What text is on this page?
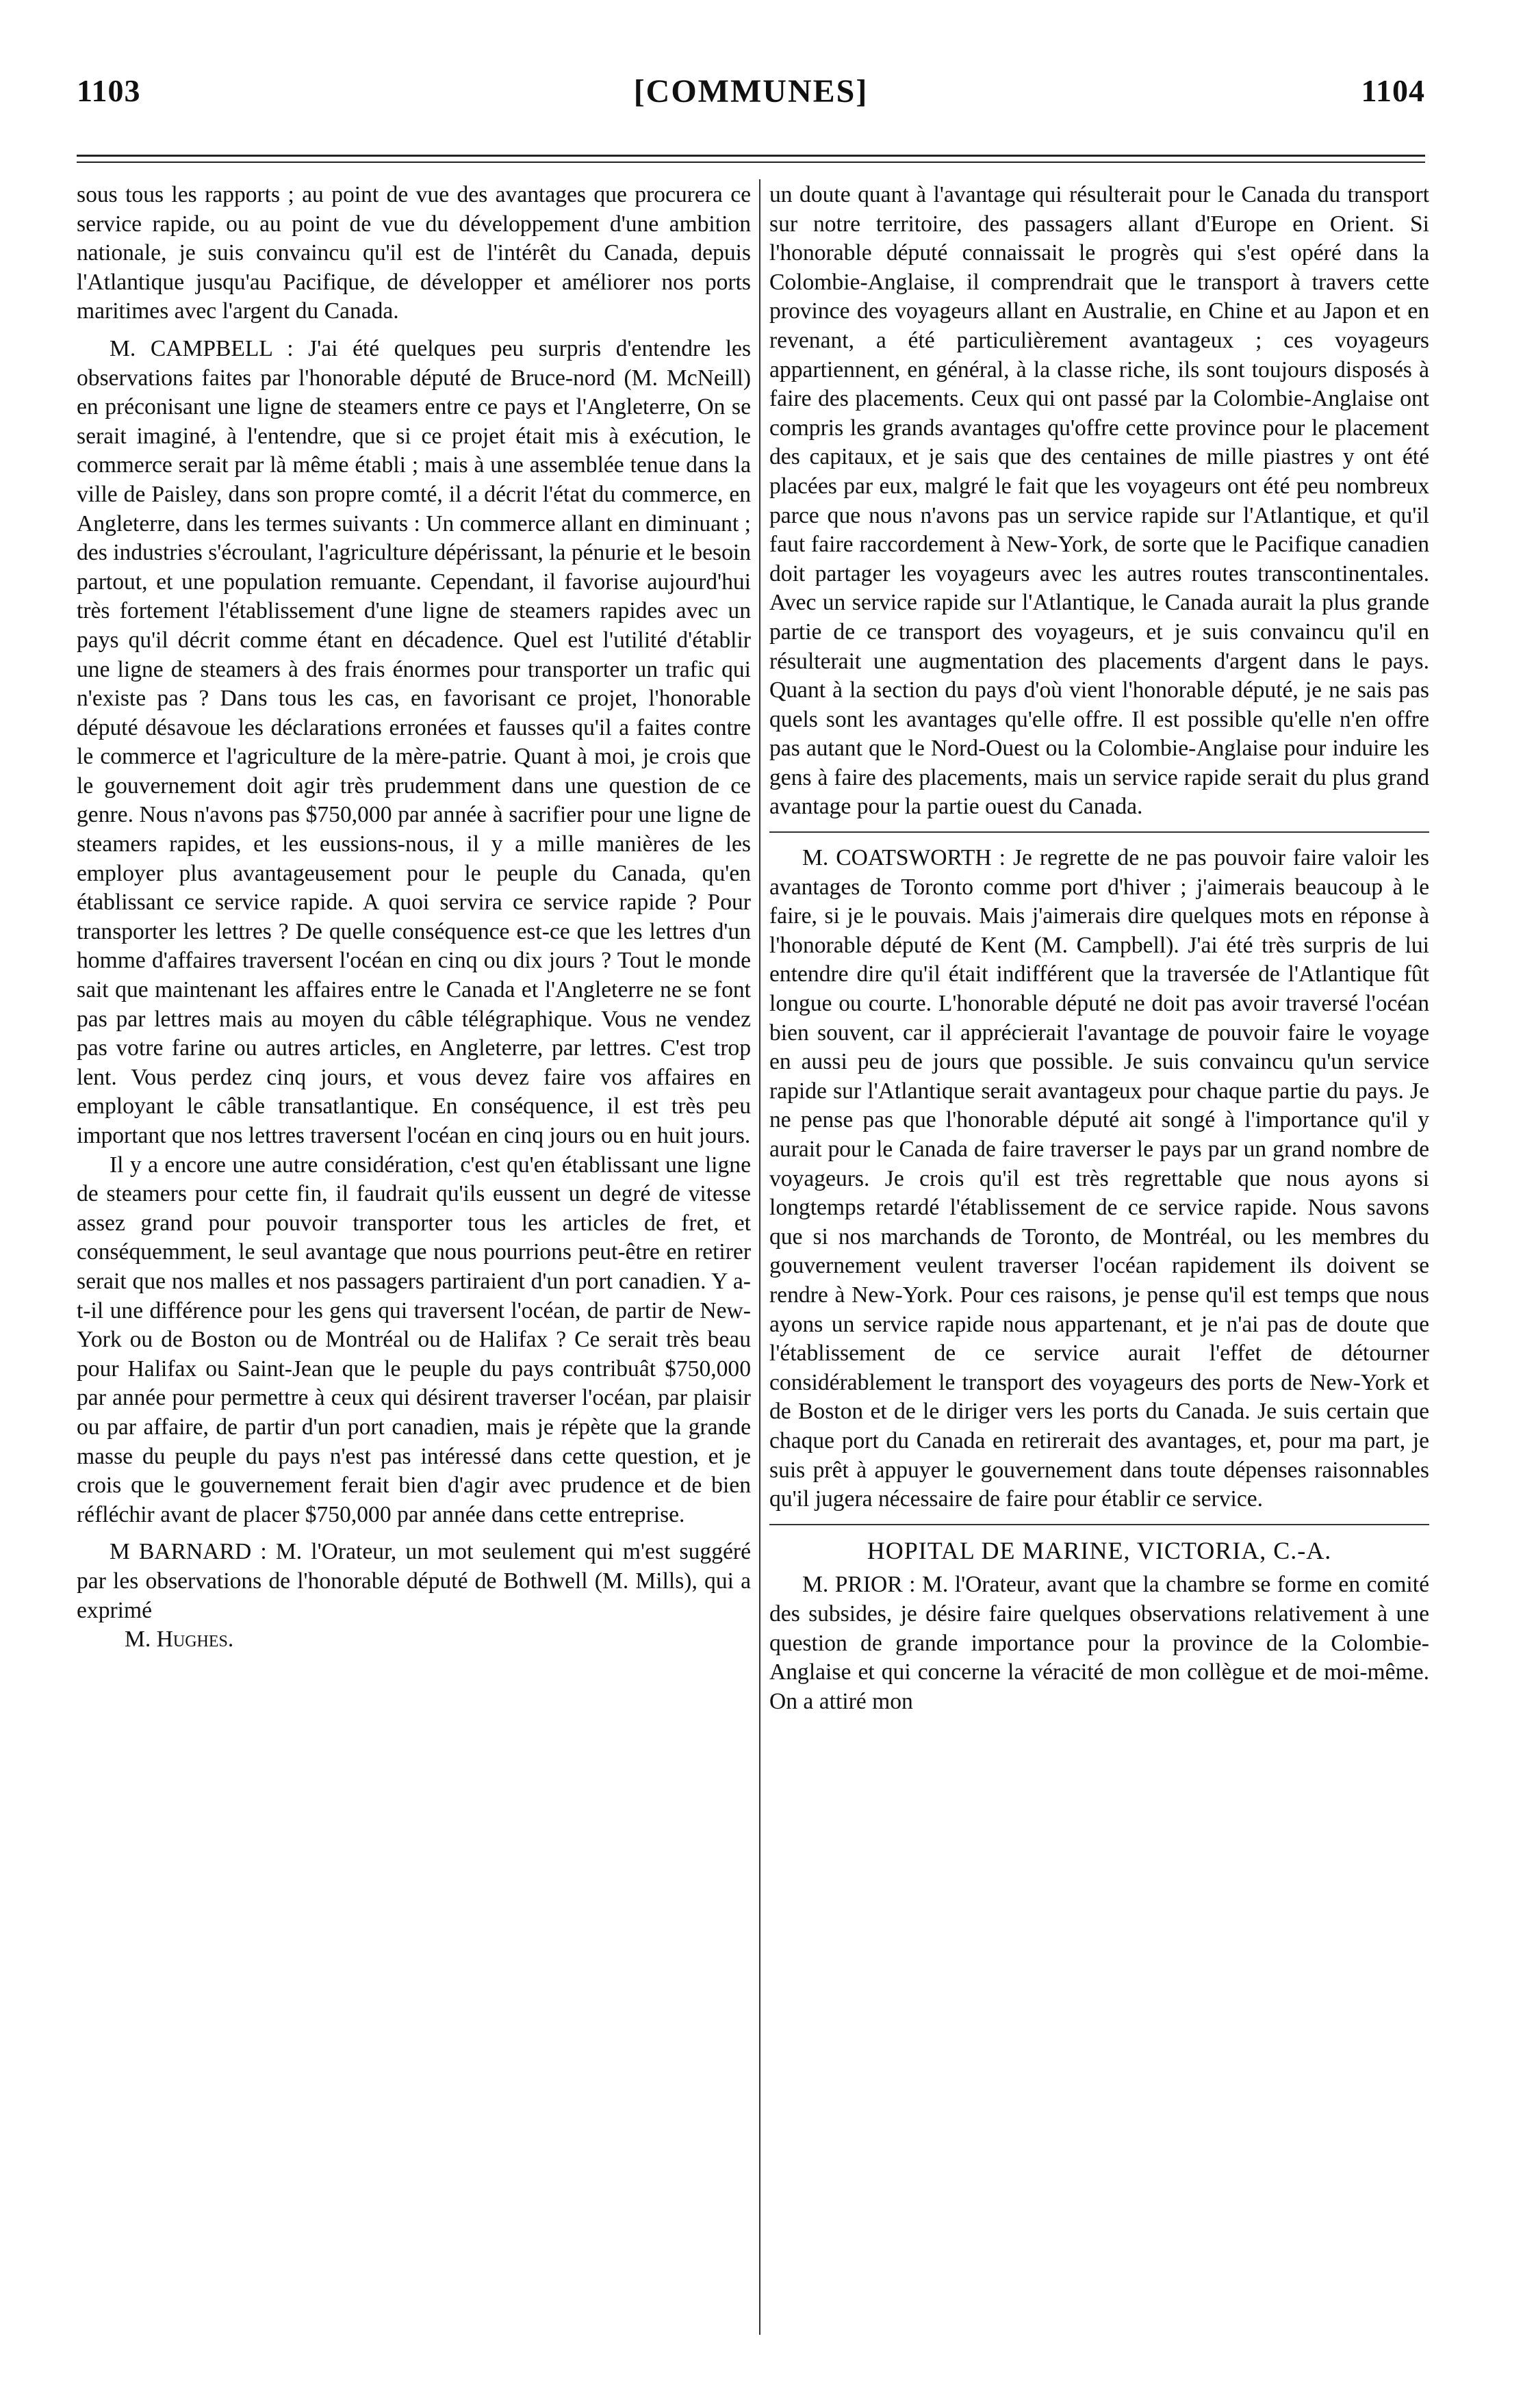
1103	[COMMUNES]	1104

sous tous les rapports ; au point de vue des avantages que procurera ce service rapide, ou au point de vue du développement d'une ambition nationale, je suis convaincu qu'il est de l'intérêt du Canada, depuis l'Atlantique jusqu'au Pacifique, de développer et améliorer nos ports maritimes avec l'argent du Canada.

M. CAMPBELL : J'ai été quelques peu surpris d'entendre les observations faites par l'honorable député de Bruce-nord (M. McNeill) en préconisant une ligne de steamers entre ce pays et l'Angleterre, On se serait imaginé, à l'entendre, que si ce projet était mis à exécution, le commerce serait par là même établi ; mais à une assemblée tenue dans la ville de Paisley, dans son propre comté, il a décrit l'état du commerce, en Angleterre, dans les termes suivants : Un commerce allant en diminuant ; des industries s'écroulant, l'agriculture dépérissant, la pénurie et le besoin partout, et une population remuante. Cependant, il favorise aujourd'hui très fortement l'établissement d'une ligne de steamers rapides avec un pays qu'il décrit comme étant en décadence. Quel est l'utilité d'établir une ligne de steamers à des frais énormes pour transporter un trafic qui n'existe pas ? Dans tous les cas, en favorisant ce projet, l'honorable député désavoue les déclarations erronées et fausses qu'il a faites contre le commerce et l'agriculture de la mère-patrie. Quant à moi, je crois que le gouvernement doit agir très prudemment dans une question de ce genre. Nous n'avons pas $750,000 par année à sacrifier pour une ligne de steamers rapides, et les eussions-nous, il y a mille manières de les employer plus avantageusement pour le peuple du Canada, qu'en établissant ce service rapide. A quoi servira ce service rapide ? Pour transporter les lettres ? De quelle conséquence est-ce que les lettres d'un homme d'affaires traversent l'océan en cinq ou dix jours ? Tout le monde sait que maintenant les affaires entre le Canada et l'Angleterre ne se font pas par lettres mais au moyen du câble télégraphique. Vous ne vendez pas votre farine ou autres articles, en Angleterre, par lettres. C'est trop lent. Vous perdez cinq jours, et vous devez faire vos affaires en employant le câble transatlantique. En conséquence, il est très peu important que nos lettres traversent l'océan en cinq jours ou en huit jours.

Il y a encore une autre considération, c'est qu'en établissant une ligne de steamers pour cette fin, il faudrait qu'ils eussent un degré de vitesse assez grand pour pouvoir transporter tous les articles de fret, et conséquemment, le seul avantage que nous pourrions peut-être en retirer serait que nos malles et nos passagers partiraient d'un port canadien. Y a-t-il une différence pour les gens qui traversent l'océan, de partir de New-York ou de Boston ou de Montréal ou de Halifax ? Ce serait très beau pour Halifax ou Saint-Jean que le peuple du pays contribuât $750,000 par année pour permettre à ceux qui désirent traverser l'océan, par plaisir ou par affaire, de partir d'un port canadien, mais je répète que la grande masse du peuple du pays n'est pas intéressé dans cette question, et je crois que le gouvernement ferait bien d'agir avec prudence et de bien réfléchir avant de placer $750,000 par année dans cette entreprise.

M BARNARD : M. l'Orateur, un mot seulement qui m'est suggéré par les observations de l'honorable député de Bothwell (M. Mills), qui a exprimé

M. Hughes.

un doute quant à l'avantage qui résulterait pour le Canada du transport sur notre territoire, des passagers allant d'Europe en Orient. Si l'honorable député connaissait le progrès qui s'est opéré dans la Colombie-Anglaise, il comprendrait que le transport à travers cette province des voyageurs allant en Australie, en Chine et au Japon et en revenant, a été particulièrement avantageux ; ces voyageurs appartiennent, en général, à la classe riche, ils sont toujours disposés à faire des placements. Ceux qui ont passé par la Colombie-Anglaise ont compris les grands avantages qu'offre cette province pour le placement des capitaux, et je sais que des centaines de mille piastres y ont été placées par eux, malgré le fait que les voyageurs ont été peu nombreux parce que nous n'avons pas un service rapide sur l'Atlantique, et qu'il faut faire raccordement à New-York, de sorte que le Pacifique canadien doit partager les voyageurs avec les autres routes transcontinentales. Avec un service rapide sur l'Atlantique, le Canada aurait la plus grande partie de ce transport des voyageurs, et je suis convaincu qu'il en résulterait une augmentation des placements d'argent dans le pays. Quant à la section du pays d'où vient l'honorable député, je ne sais pas quels sont les avantages qu'elle offre. Il est possible qu'elle n'en offre pas autant que le Nord-Ouest ou la Colombie-Anglaise pour induire les gens à faire des placements, mais un service rapide serait du plus grand avantage pour la partie ouest du Canada.

M. COATSWORTH : Je regrette de ne pas pouvoir faire valoir les avantages de Toronto comme port d'hiver ; j'aimerais beaucoup à le faire, si je le pouvais. Mais j'aimerais dire quelques mots en réponse à l'honorable député de Kent (M. Campbell). J'ai été très surpris de lui entendre dire qu'il était indifférent que la traversée de l'Atlantique fût longue ou courte. L'honorable député ne doit pas avoir traversé l'océan bien souvent, car il apprécierait l'avantage de pouvoir faire le voyage en aussi peu de jours que possible. Je suis convaincu qu'un service rapide sur l'Atlantique serait avantageux pour chaque partie du pays. Je ne pense pas que l'honorable député ait songé à l'importance qu'il y aurait pour le Canada de faire traverser le pays par un grand nombre de voyageurs. Je crois qu'il est très regrettable que nous ayons si longtemps retardé l'établissement de ce service rapide. Nous savons que si nos marchands de Toronto, de Montréal, ou les membres du gouvernement veulent traverser l'océan rapidement ils doivent se rendre à New-York. Pour ces raisons, je pense qu'il est temps que nous ayons un service rapide nous appartenant, et je n'ai pas de doute que l'établissement de ce service aurait l'effet de détourner considérablement le transport des voyageurs des ports de New-York et de Boston et de le diriger vers les ports du Canada. Je suis certain que chaque port du Canada en retirerait des avantages, et, pour ma part, je suis prêt à appuyer le gouvernement dans toute dépenses raisonnables qu'il jugera nécessaire de faire pour établir ce service.

HOPITAL DE MARINE, VICTORIA, C.-A.

M. PRIOR : M. l'Orateur, avant que la chambre se forme en comité des subsides, je désire faire quelques observations relativement à une question de grande importance pour la province de la Colombie-Anglaise et qui concerne la véracité de mon collègue et de moi-même. On a attiré mon
